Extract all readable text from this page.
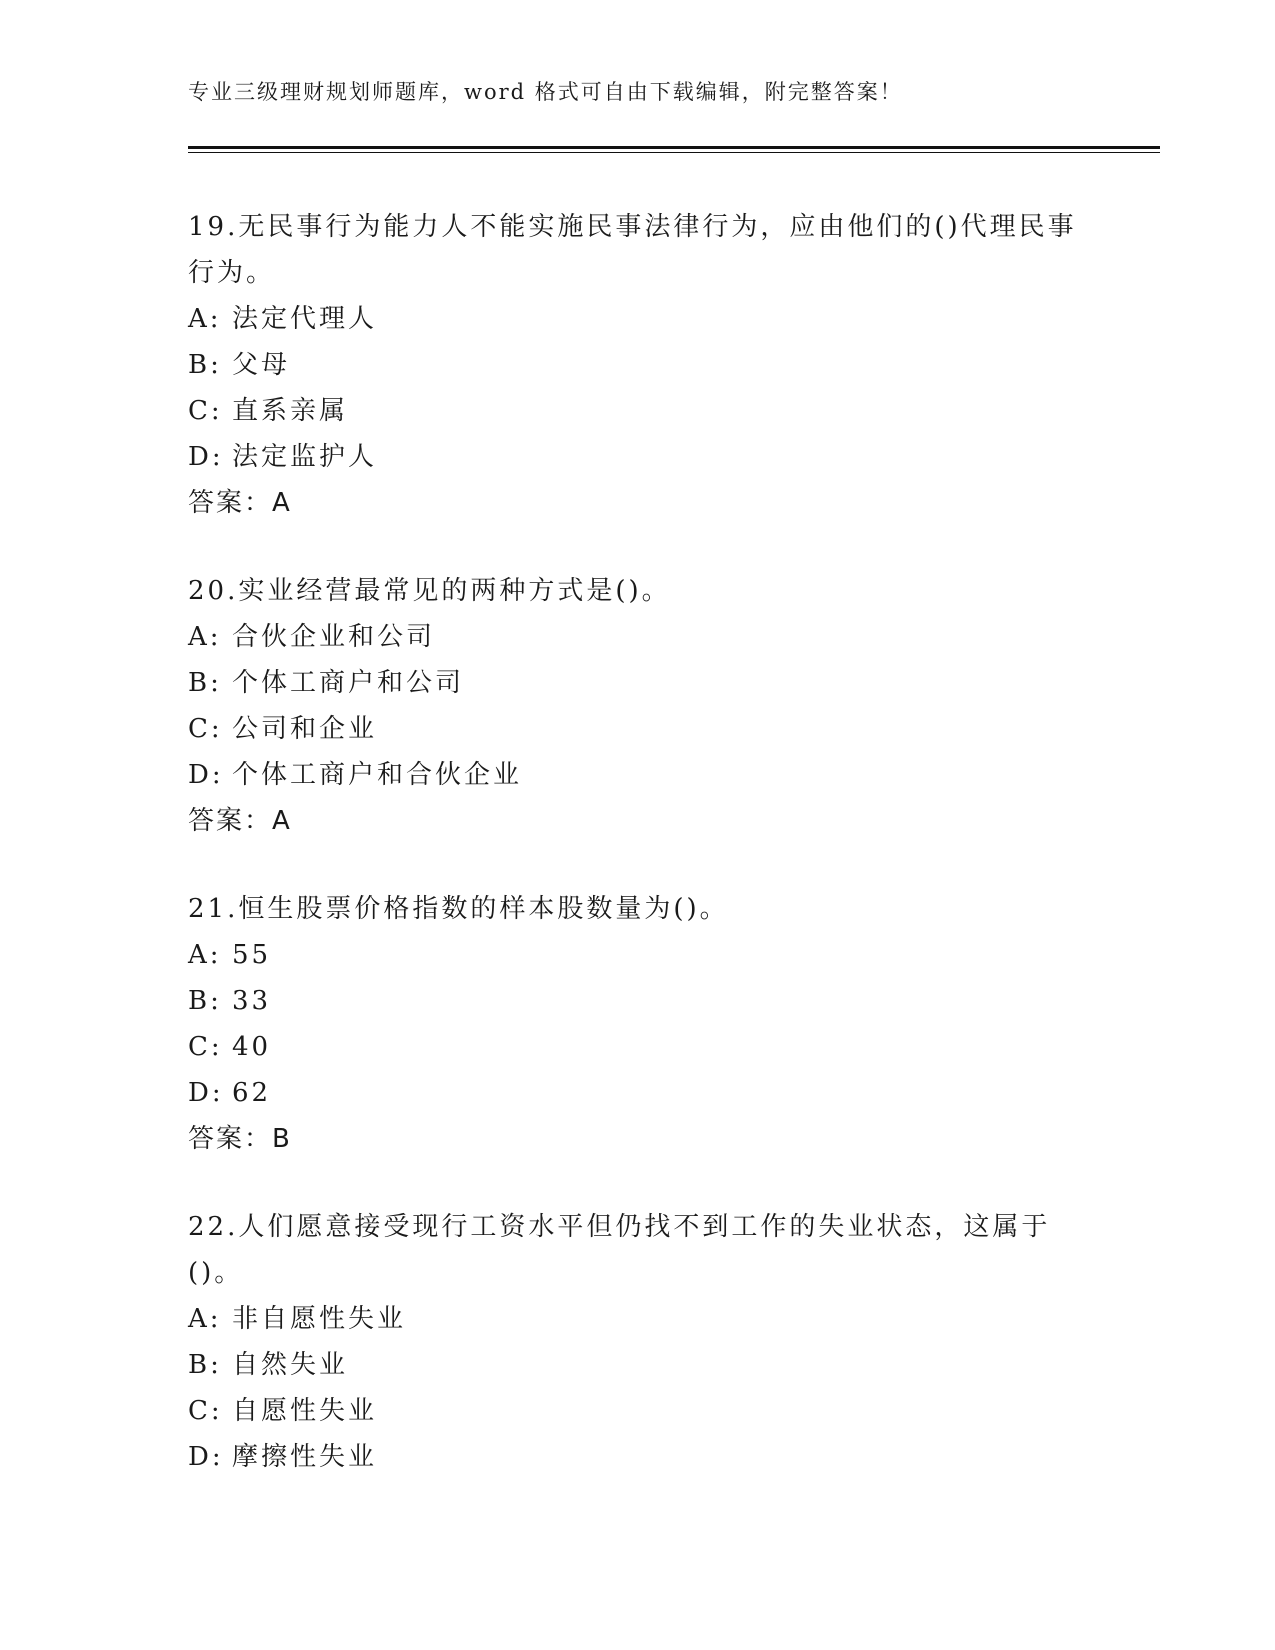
专业三级理财规划师题库，word 格式可自由下载编辑，附完整答案！

19.无民事行为能力人不能实施民事法律行为，应由他们的()代理民事行为。

A: 法定代理人

B: 父母

C: 直系亲属

D: 法定监护人

答案：A

20.实业经营最常见的两种方式是()。

A: 合伙企业和公司

B: 个体工商户和公司

C: 公司和企业

D: 个体工商户和合伙企业

答案：A

21.恒生股票价格指数的样本股数量为()。

A: 55

B: 33

C: 40

D: 62

答案：B

22.人们愿意接受现行工资水平但仍找不到工作的失业状态，这属于()。

A: 非自愿性失业

B: 自然失业

C: 自愿性失业

D: 摩擦性失业
